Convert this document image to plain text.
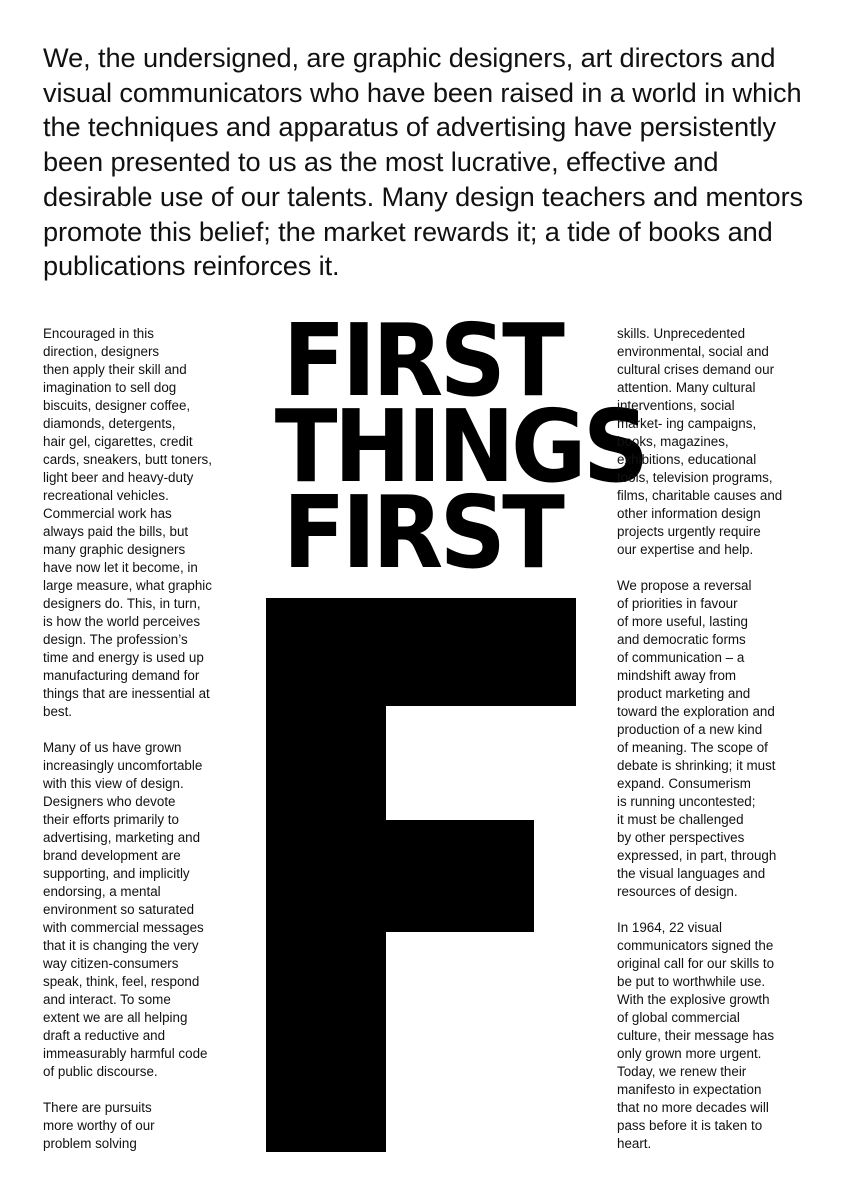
We, the undersigned, are graphic designers, art directors and visual communicators who have been raised in a world in which the techniques and apparatus of advertising have persistently been presented to us as the most lucrative, effective and desirable use of our talents. Many design teachers and mentors promote this belief; the market rewards it; a tide of books and publications reinforces it.

Encouraged in this
direction, designers
then apply their skill and
imagination to sell dog
biscuits, designer coffee,
diamonds, detergents,
hair gel, cigarettes, credit
cards, sneakers, butt toners,
light beer and heavy-duty
recreational vehicles.
Commercial work has
always paid the bills, but
many graphic designers
have now let it become, in
large measure, what graphic
designers do. This, in turn,
is how the world perceives
design. The profession’s
time and energy is used up
manufacturing demand for
things that are inessential at
best.

Many of us have grown
increasingly uncomfortable
with this view of design.
Designers who devote
their efforts primarily to
advertising, marketing and
brand development are
supporting, and implicitly
endorsing, a mental
environment so saturated
with commercial messages
that it is changing the very
way citizen-consumers
speak, think, feel, respond
and interact. To some
extent we are all helping
draft a reductive and
immeasurably harmful code
of public discourse.

There are pursuits
more worthy of our
problem solving

FIRST
THINGS
FIRST

skills. Unprecedented
environmental, social and
cultural crises demand our
attention. Many cultural
interventions, social
market- ing campaigns,
books, magazines,
exhibitions, educational
tools, television programs,
films, charitable causes and
other information design
projects urgently require
our expertise and help.

We propose a reversal
of priorities in favour
of more useful, lasting
and democratic forms
of communication – a
mindshift away from
product marketing and
toward the exploration and
production of a new kind
of meaning. The scope of
debate is shrinking; it must
expand. Consumerism
is running uncontested;
it must be challenged
by other perspectives
expressed, in part, through
the visual languages and
resources of design.

In 1964, 22 visual
communicators signed the
original call for our skills to
be put to worthwhile use.
With the explosive growth
of global commercial
culture, their message has
only grown more urgent.
Today, we renew their
manifesto in expectation
that no more decades will
pass before it is taken to
heart.
